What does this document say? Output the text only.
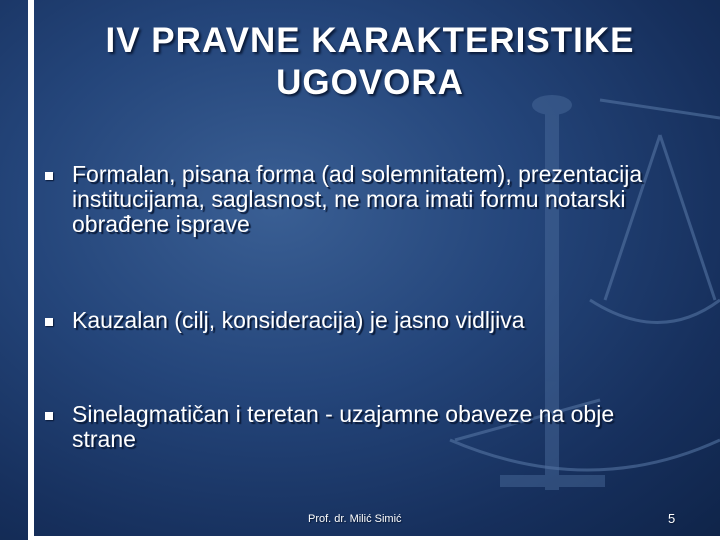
IV PRAVNE KARAKTERISTIKE
UGOVORA
Formalan, pisana forma (ad solemnitatem), prezentacija institucijama, saglasnost, ne mora imati formu notarski obrađene isprave
Kauzalan (cilj, konsideracija) je jasno vidljiva
Sinelagmatičan i teretan - uzajamne obaveze na obje strane
Prof. dr. Milić Simić	5
